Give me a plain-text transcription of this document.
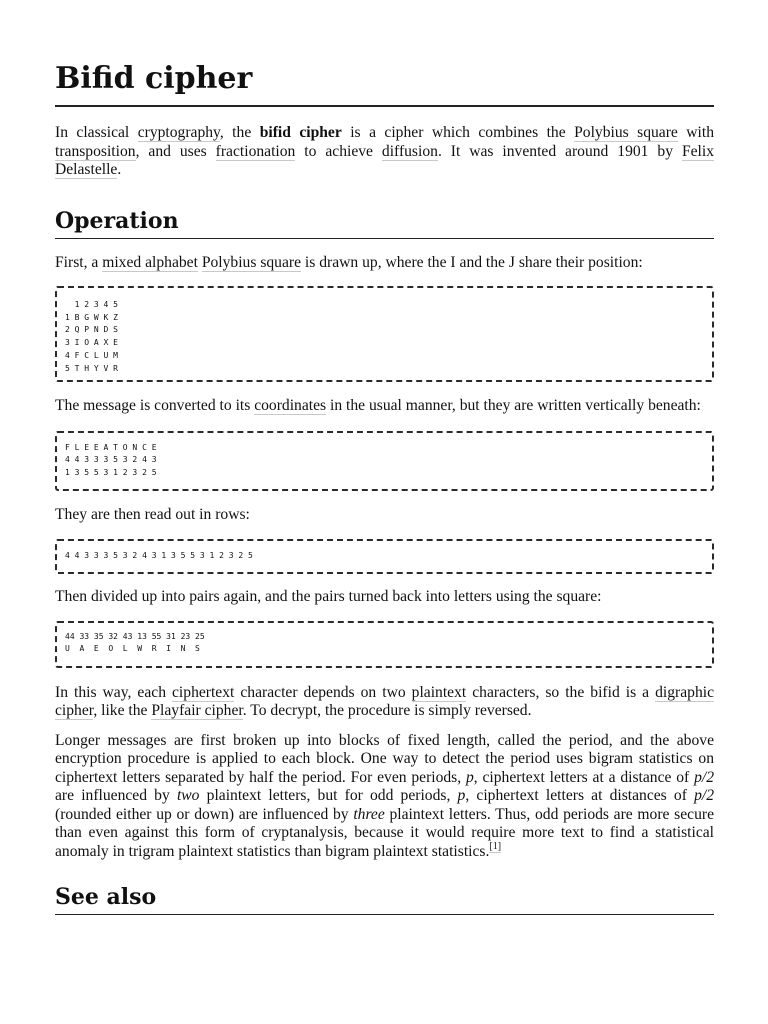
Bifid cipher

In classical cryptography, the bifid cipher is a cipher which combines the Polybius square with transposition, and uses fractionation to achieve diffusion. It was invented around 1901 by Felix Delastelle.

Operation

First, a mixed alphabet Polybius square is drawn up, where the I and the J share their position:

1 2 3 4 5
1 B G W K Z
2 Q P N D S
3 I O A X E
4 F C L U M
5 T H Y V R

The message is converted to its coordinates in the usual manner, but they are written vertically beneath:

F L E E A T O N C E
4 4 3 3 3 5 3 2 4 3
1 3 5 5 3 1 2 3 2 5

They are then read out in rows:

4 4 3 3 3 5 3 2 4 3 1 3 5 5 3 1 2 3 2 5

Then divided up into pairs again, and the pairs turned back into letters using the square:

44 33 35 32 43 13 55 31 23 25
U  A  E  O  L  W  R  I  N  S

In this way, each ciphertext character depends on two plaintext characters, so the bifid is a digraphic cipher, like the Playfair cipher. To decrypt, the procedure is simply reversed.

Longer messages are first broken up into blocks of fixed length, called the period, and the above encryption procedure is applied to each block. One way to detect the period uses bigram statistics on ciphertext letters separated by half the period. For even periods, p, ciphertext letters at a distance of p/2 are influenced by two plaintext letters, but for odd periods, p, ciphertext letters at distances of p/2 (rounded either up or down) are influenced by three plaintext letters. Thus, odd periods are more secure than even against this form of cryptanalysis, because it would require more text to find a statistical anomaly in trigram plaintext statistics than bigram plaintext statistics.[1]

See also
